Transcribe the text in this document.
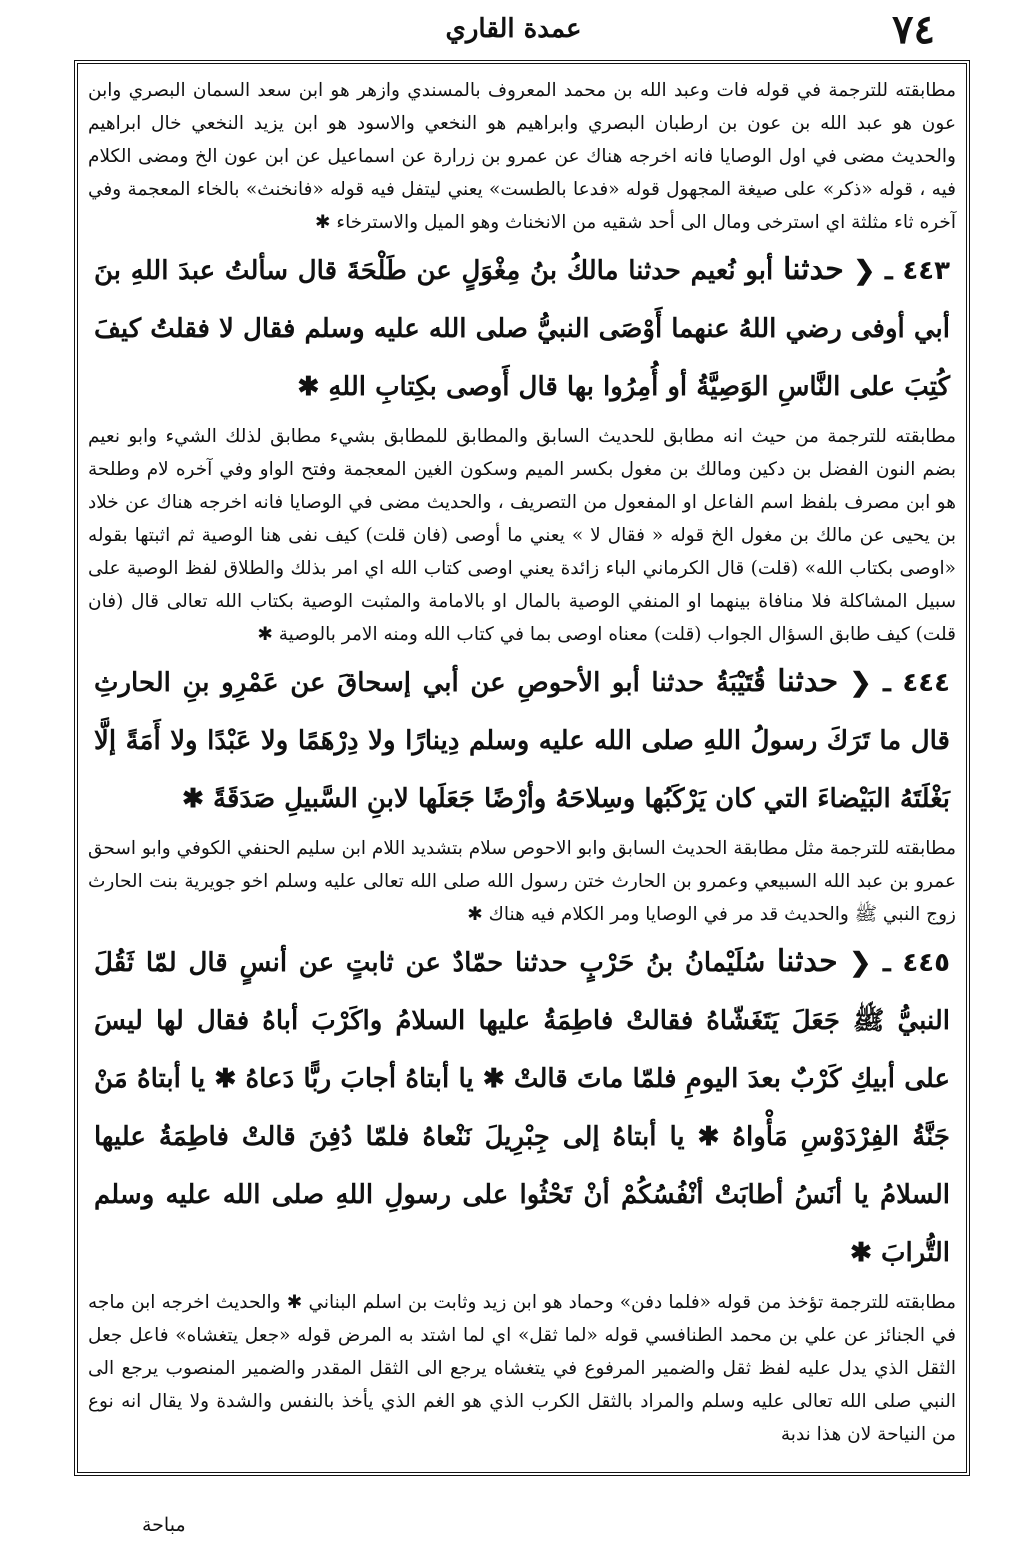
٧٤
عمدة القاري

مطابقته للترجمة في قوله فات وعبد الله بن محمد المعروف بالمسندي وازهر هو ابن سعد السمان البصري وابن عون هو عبد الله بن عون بن ارطبان البصري وابراهيم هو النخعي والاسود هو ابن يزيد النخعي خال ابراهيم والحديث مضى في اول الوصايا فانه اخرجه هناك عن عمرو بن زرارة عن اسماعيل عن ابن عون الخ ومضى الكلام فيه ، قوله «ذكر» على صيغة المجهول قوله «فدعا بالطست» يعني ليتفل فيه قوله «فانخنث» بالخاء المعجمة وفي آخره ثاء مثلثة اي استرخى ومال الى أحد شقيه من الانخناث وهو الميل والاسترخاء ✱

٤٤٣ ـ ❮ حدثنا أبو نُعيم حدثنا مالكُ بنُ مِغْوَلٍ عن طَلْحَةَ قال سألتُ عبدَ اللهِ بنَ أبي أوفى رضي اللهُ عنهما أَوْصَى النبيُّ صلى الله عليه وسلم فقال لا فقلتُ كيفَ كُتِبَ على النَّاسِ الوَصِيَّةُ أو أُمِرُوا بها قال أَوصى بكِتابِ اللهِ ✱

مطابقته للترجمة من حيث انه مطابق للحديث السابق والمطابق للمطابق بشيء مطابق لذلك الشيء وابو نعيم بضم النون الفضل بن دكين ومالك بن مغول بكسر الميم وسكون الغين المعجمة وفتح الواو وفي آخره لام وطلحة هو ابن مصرف بلفظ اسم الفاعل او المفعول من التصريف ، والحديث مضى في الوصايا فانه اخرجه هناك عن خلاد بن يحيى عن مالك بن مغول الخ قوله « فقال لا » يعني ما أوصى (فان قلت) كيف نفى هنا الوصية ثم اثبتها بقوله «اوصى بكتاب الله» (قلت) قال الكرماني الباء زائدة يعني اوصى كتاب الله اي امر بذلك والطلاق لفظ الوصية على سبيل المشاكلة فلا منافاة بينهما او المنفي الوصية بالمال او بالامامة والمثبت الوصية بكتاب الله تعالى قال (فان قلت) كيف طابق السؤال الجواب (قلت) معناه اوصى بما في كتاب الله ومنه الامر بالوصية ✱

٤٤٤ ـ ❮ حدثنا قُتَيْبَةُ حدثنا أبو الأحوصِ عن أبي إسحاقَ عن عَمْرِو بنِ الحارثِ قال ما تَرَكَ رسولُ اللهِ صلى الله عليه وسلم دِينارًا ولا دِرْهَمًا ولا عَبْدًا ولا أَمَةً إلَّا بَغْلَتَهُ البَيْضاءَ التي كان يَرْكَبُها وسِلاحَهُ وأرْضًا جَعَلَها لابنِ السَّبيلِ صَدَقَةً ✱

مطابقته للترجمة مثل مطابقة الحديث السابق وابو الاحوص سلام بتشديد اللام ابن سليم الحنفي الكوفي وابو اسحق عمرو بن عبد الله السبيعي وعمرو بن الحارث ختن رسول الله صلى الله تعالى عليه وسلم اخو جويرية بنت الحارث زوج النبي ﷺ والحديث قد مر في الوصايا ومر الكلام فيه هناك ✱

٤٤٥ ـ ❮ حدثنا سُلَيْمانُ بنُ حَرْبٍ حدثنا حمّادٌ عن ثابتٍ عن أنسٍ قال لمّا ثَقُلَ النبيُّ ﷺ جَعَلَ يَتَغَشّاهُ فقالتْ فاطِمَةُ عليها السلامُ واكَرْبَ أباهُ فقال لها ليسَ على أبيكِ كَرْبٌ بعدَ اليومِ فلمّا ماتَ قالتْ ✱ يا أبتاهُ أجابَ ربًّا دَعاهُ ✱ يا أبتاهُ مَنْ جَنَّةُ الفِرْدَوْسِ مَأْواهُ ✱ يا أبتاهُ إلى جِبْرِيلَ نَنْعاهُ فلمّا دُفِنَ قالتْ فاطِمَةُ عليها السلامُ يا أنَسُ أطابَتْ أنْفُسُكُمْ أنْ تَحْثُوا على رسولِ اللهِ صلى الله عليه وسلم التُّرابَ ✱

مطابقته للترجمة تؤخذ من قوله «فلما دفن» وحماد هو ابن زيد وثابت بن اسلم البناني ✱ والحديث اخرجه ابن ماجه في الجنائز عن علي بن محمد الطنافسي قوله «لما ثقل» اي لما اشتد به المرض قوله «جعل يتغشاه» فاعل جعل الثقل الذي يدل عليه لفظ ثقل والضمير المرفوع في يتغشاه يرجع الى الثقل المقدر والضمير المنصوب يرجع الى النبي صلى الله تعالى عليه وسلم والمراد بالثقل الكرب الذي هو الغم الذي يأخذ بالنفس والشدة ولا يقال انه نوع من النياحة لان هذا ندبة

مباحة
